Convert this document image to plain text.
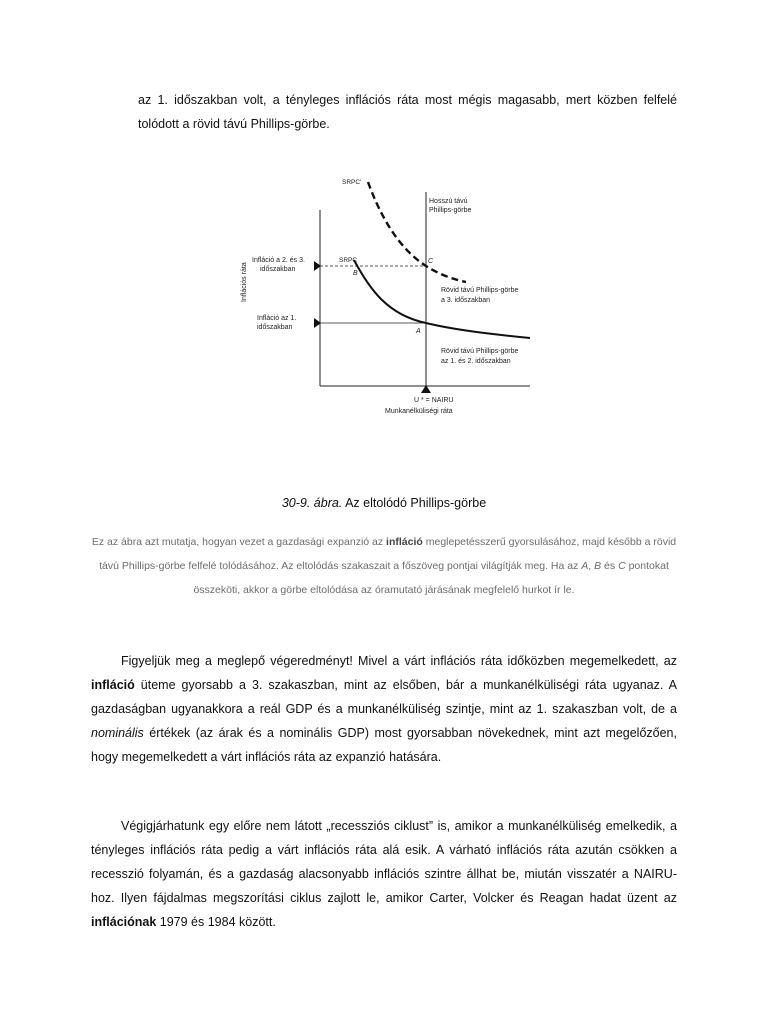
az 1. időszakban volt, a tényleges inflációs ráta most mégis magasabb, mert közben felfelé tolódott a rövid távú Phillips-görbe.
Inflációs ráta
Infláció a 2. és 3.
időszakban
Infláció az 1.
időszakban
Hosszú távú
Phillips-görbe
SRPC'
SRPC
B
C
A
Rövid távú Phillips-görbe
a 3. időszakban
Rövid távú Phillips-görbe
az 1. és 2. időszakban
U * = NAIRU
Munkanélküliségi ráta
30-9. ábra. Az eltolódó Phillips-görbe
Ez az ábra azt mutatja, hogyan vezet a gazdasági expanzió az infláció meglepetésszerű gyorsulásához, majd később a rövid távú Phillips-görbe felfelé tolódásához. Az eltolódás szakaszait a főszöveg pontjai világítják meg. Ha az A, B és C pontokat összeköti, akkor a görbe eltolódása az óramutató járásának megfelelő hurkot ír le.
Figyeljük meg a meglepő végeredményt! Mivel a várt inflációs ráta időközben megemelkedett, az infláció üteme gyorsabb a 3. szakaszban, mint az elsőben, bár a munkanélküliségi ráta ugyanaz. A gazdaságban ugyanakkora a reál GDP és a munkanélküliség szintje, mint az 1. szakaszban volt, de a nominális értékek (az árak és a nominális GDP) most gyorsabban növekednek, mint azt megelőzően, hogy megemelkedett a várt inflációs ráta az expanzió hatására.
Végigjárhatunk egy előre nem látott „recessziós ciklust” is, amikor a munkanélküliség emelkedik, a tényleges inflációs ráta pedig a várt inflációs ráta alá esik. A várható inflációs ráta azután csökken a recesszió folyamán, és a gazdaság alacsonyabb inflációs szintre állhat be, miután visszatér a NAIRU-hoz. Ilyen fájdalmas megszorítási ciklus zajlott le, amikor Carter, Volcker és Reagan hadat üzent az inflációnak 1979 és 1984 között.
